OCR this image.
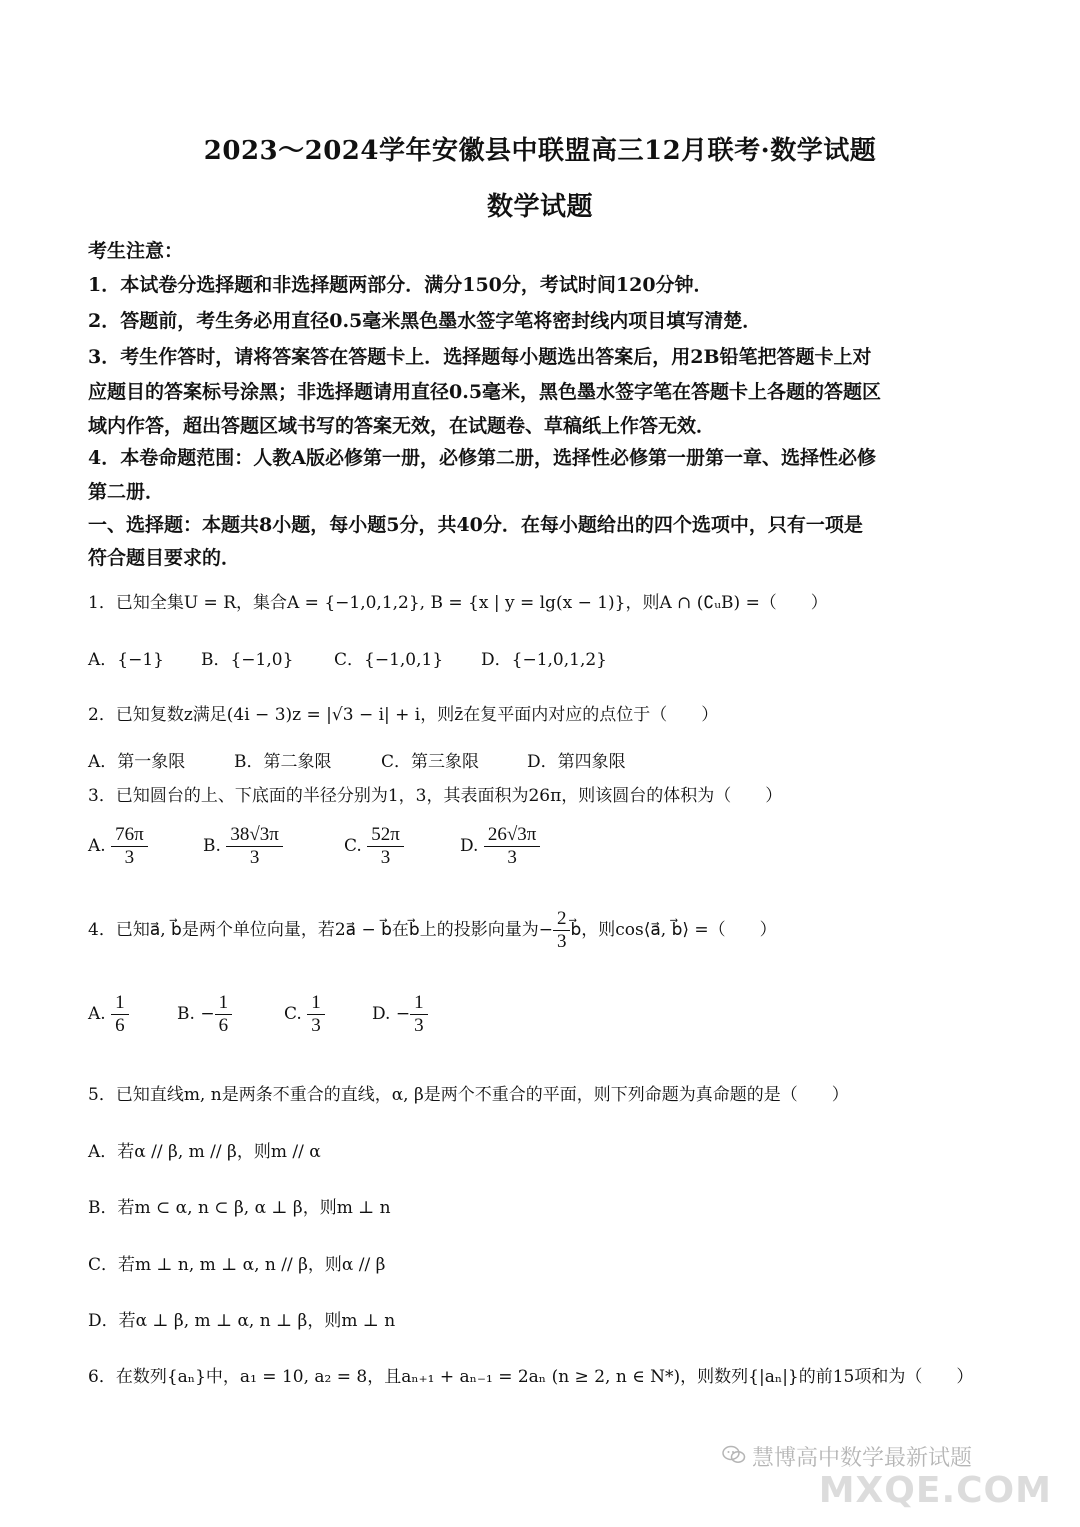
2023～2024学年安徽县中联盟高三12月联考·数学试题
数学试题
考生注意：
1．本试卷分选择题和非选择题两部分．满分150分，考试时间120分钟．
2．答题前，考生务必用直径0.5毫米黑色墨水签字笔将密封线内项目填写清楚．
3．考生作答时，请将答案答在答题卡上．选择题每小题选出答案后，用2B铅笔把答题卡上对
应题目的答案标号涂黑；非选择题请用直径0.5毫米，黑色墨水签字笔在答题卡上各题的答题区
域内作答，超出答题区域书写的答案无效，在试题卷、草稿纸上作答无效．
4．本卷命题范围：人教A版必修第一册，必修第二册，选择性必修第一册第一章、选择性必修
第二册．
一、选择题：本题共8小题，每小题5分，共40分．在每小题给出的四个选项中，只有一项是
符合题目要求的．
1．已知全集U = R，集合A = {−1,0,1,2}, B = {x | y = lg(x − 1)}，则A ∩ (∁ᵤB) =（　　）
A．{−1} B．{−1,0} C．{−1,0,1} D．{−1,0,1,2}
2．已知复数z满足(4i − 3)z = |√3 − i| + i，则z̄在复平面内对应的点位于（　　）
A．第一象限	B．第二象限	C．第三象限	D．第四象限
3．已知圆台的上、下底面的半径分别为1，3，其表面积为26π，则该圆台的体积为（　　）
A. $\frac{76\pi}{3}$	B. $\frac{38√3\pi}{3}$	C. $\frac{52\pi}{3}$	D. $\frac{26√3\pi}{3}$
4．已知a⃗, b⃗是两个单位向量，若2a⃗ − b⃗在b⃗上的投影向量为− $\frac{2}{3}$ b⃗，则cos⟨a⃗, b⃗⟩ =（　　）
A. $\frac{1}{6}$	B. − $\frac{1}{6}$	C. $\frac{1}{3}$	D. − $\frac{1}{3}$
5．已知直线m, n是两条不重合的直线，α, β是两个不重合的平面，则下列命题为真命题的是（　　）
A．若α // β, m // β，则m // α
B．若m ⊂ α, n ⊂ β, α ⊥ β，则m ⊥ n
C．若m ⊥ n, m ⊥ α, n // β，则α // β
D．若α ⊥ β, m ⊥ α, n ⊥ β，则m ⊥ n
6．在数列{aₙ}中，a₁ = 10, a₂ = 8，且aₙ₊₁ + aₙ₋₁ = 2aₙ (n ≥ 2, n ∈ N*)，则数列{|aₙ|}的前15项和为（　　）
慧博高中数学最新试题
MXQE.COM
